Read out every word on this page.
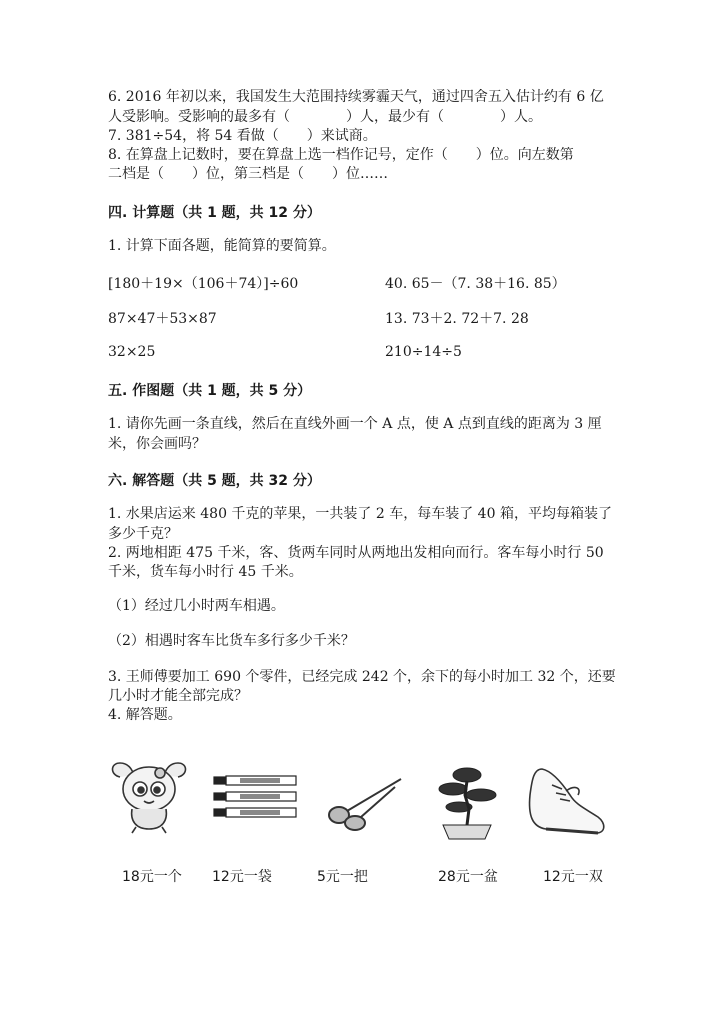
6. 2016 年初以来，我国发生大范围持续雾霾天气，通过四舍五入估计约有 6 亿
人受影响。受影响的最多有（　　　　）人，最少有（　　　　）人。
7. 381÷54，将 54 看做（　　）来试商。
8. 在算盘上记数时，要在算盘上选一档作记号，定作（　　）位。向左数第
二档是（　　）位，第三档是（　　）位……
四. 计算题（共 1 题，共 12 分）
1. 计算下面各题，能简算的要简算。
[180＋19×（106＋74）]÷60	40. 65－（7. 38＋16. 85）
87×47＋53×87	13. 73＋2. 72＋7. 28
32×25	210÷14÷5
五. 作图题（共 1 题，共 5 分）
1. 请你先画一条直线，然后在直线外画一个 A 点，使 A 点到直线的距离为 3 厘
米，你会画吗？
六. 解答题（共 5 题，共 32 分）
1. 水果店运来 480 千克的苹果，一共装了 2 车，每车装了 40 箱，平均每箱装了
多少千克？
2. 两地相距 475 千米，客、货两车同时从两地出发相向而行。客车每小时行 50
千米，货车每小时行 45 千米。
（1）经过几小时两车相遇。
（2）相遇时客车比货车多行多少千米？
3. 王师傅要加工 690 个零件，已经完成 242 个，余下的每小时加工 32 个，还要
几小时才能全部完成？
4. 解答题。
18元一个 12元一袋	5元一把	28元一盆	12元一双
